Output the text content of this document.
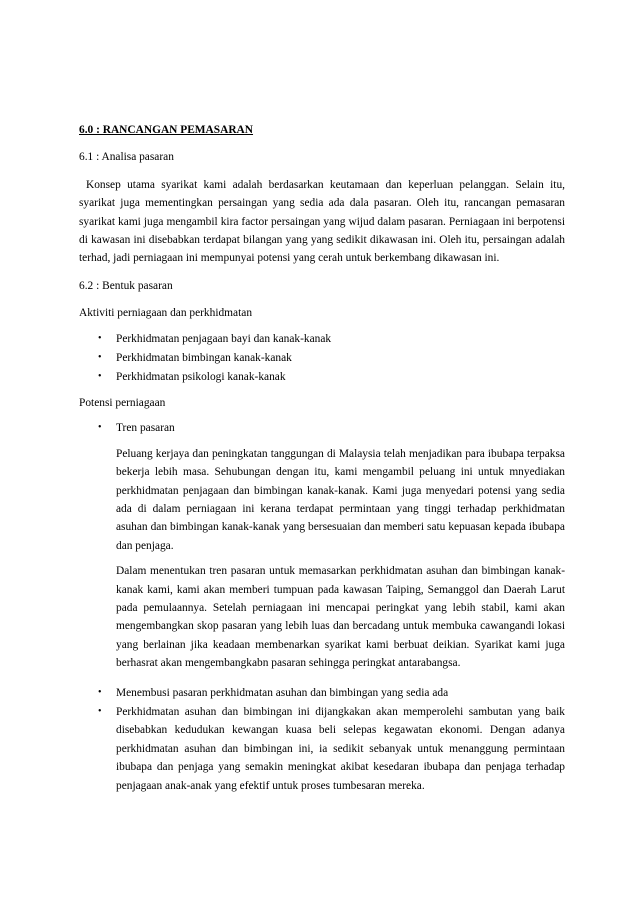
6.0 : RANCANGAN PEMASARAN

6.1 : Analisa pasaran

Konsep utama syarikat kami adalah berdasarkan keutamaan dan keperluan pelanggan. Selain itu, syarikat juga mementingkan persaingan yang sedia ada dala pasaran. Oleh itu, rancangan pemasaran syarikat kami juga mengambil kira factor persaingan yang wijud dalam pasaran. Perniagaan ini berpotensi di kawasan ini disebabkan terdapat bilangan yang yang sedikit dikawasan ini. Oleh itu, persaingan adalah terhad, jadi perniagaan ini mempunyai potensi yang cerah untuk berkembang dikawasan ini.

6.2 : Bentuk pasaran

Aktiviti perniagaan dan perkhidmatan

• Perkhidmatan penjagaan bayi dan kanak-kanak
• Perkhidmatan bimbingan kanak-kanak
• Perkhidmatan psikologi kanak-kanak

Potensi perniagaan

• Tren pasaran

Peluang kerjaya dan peningkatan tanggungan di Malaysia telah menjadikan para ibubapa terpaksa bekerja lebih masa. Sehubungan dengan itu, kami mengambil peluang ini untuk mnyediakan perkhidmatan penjagaan dan bimbingan kanak-kanak. Kami juga menyedari potensi yang sedia ada di dalam perniagaan ini kerana terdapat permintaan yang tinggi terhadap perkhidmatan asuhan dan bimbingan kanak-kanak yang bersesuaian dan memberi satu kepuasan kepada ibubapa dan penjaga.

Dalam menentukan tren pasaran untuk memasarkan perkhidmatan asuhan dan bimbingan kanak-kanak kami, kami akan memberi tumpuan pada kawasan Taiping, Semanggol dan Daerah Larut pada pemulaannya. Setelah perniagaan ini mencapai peringkat yang lebih stabil, kami akan mengembangkan skop pasaran yang lebih luas dan bercadang untuk membuka cawangandi lokasi yang berlainan jika keadaan membenarkan syarikat kami berbuat deikian. Syarikat kami juga berhasrat akan mengembangkabn pasaran sehingga peringkat antarabangsa.

• Menembusi pasaran perkhidmatan asuhan dan bimbingan yang sedia ada
• Perkhidmatan asuhan dan bimbingan ini dijangkakan akan memperolehi sambutan yang baik disebabkan kedudukan kewangan kuasa beli selepas kegawatan ekonomi. Dengan adanya perkhidmatan asuhan dan bimbingan ini, ia sedikit sebanyak untuk menanggung permintaan ibubapa dan penjaga yang semakin meningkat akibat kesedaran ibubapa dan penjaga terhadap penjagaan anak-anak yang efektif untuk proses tumbesaran mereka.
